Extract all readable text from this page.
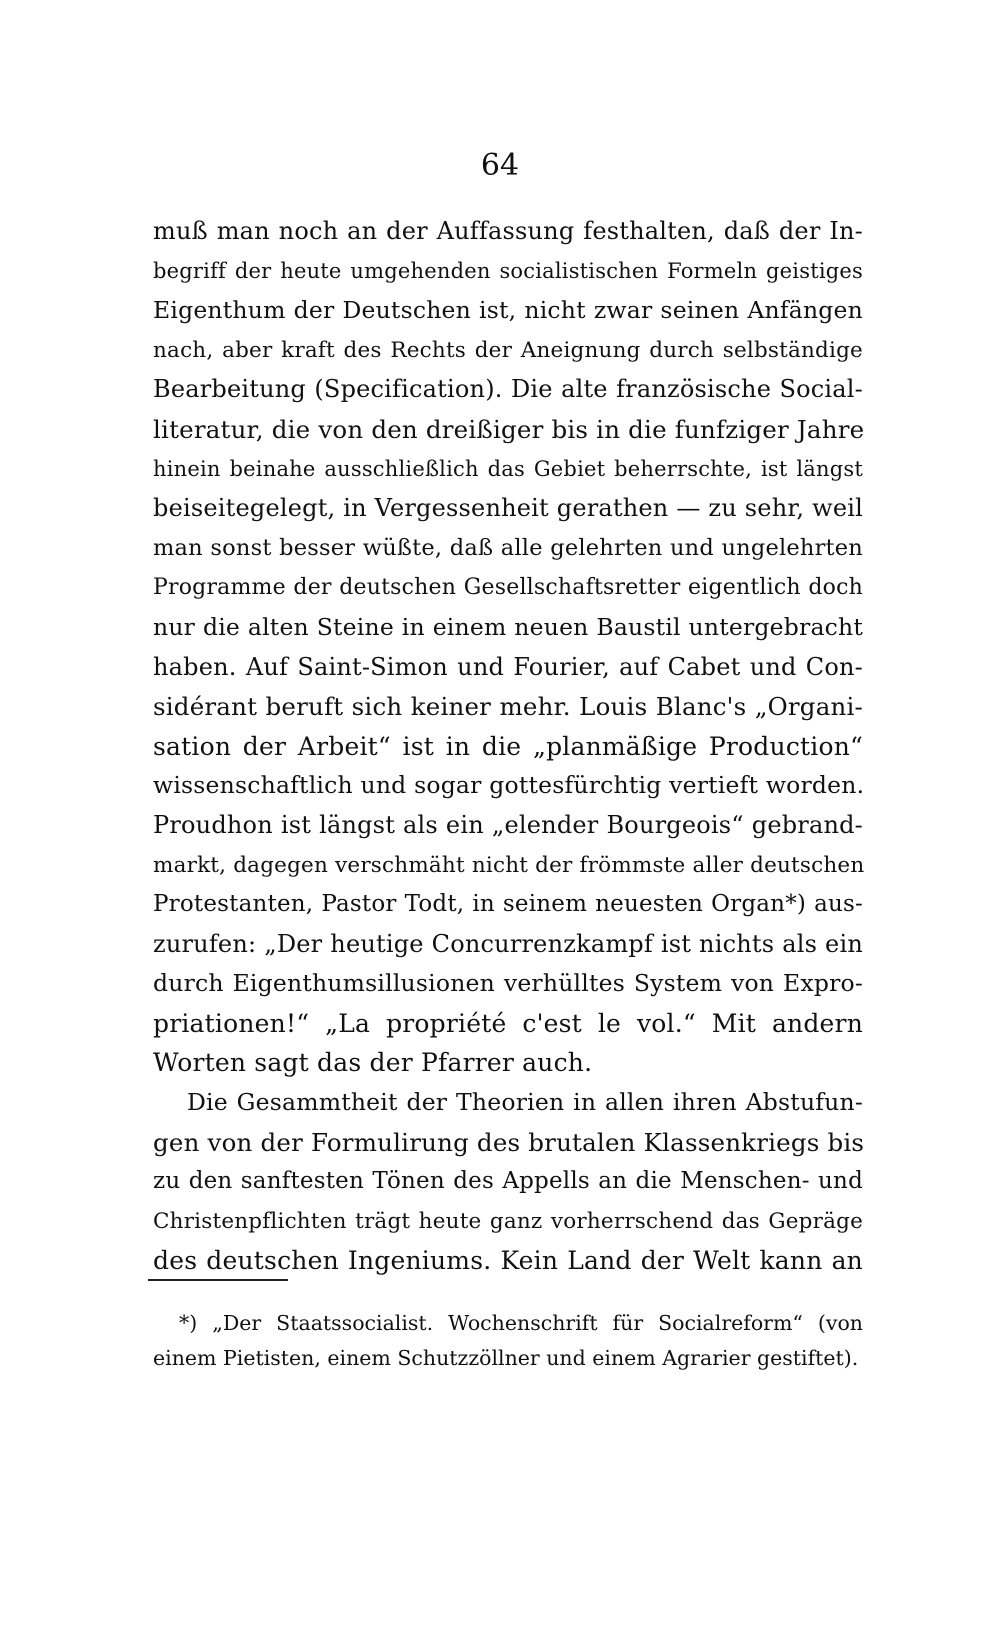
64
muß man noch an der Auffassung festhalten, daß der In-
begriff der heute umgehenden socialistischen Formeln geistiges
Eigenthum der Deutschen ist, nicht zwar seinen Anfängen
nach, aber kraft des Rechts der Aneignung durch selbständige
Bearbeitung (Specification). Die alte französische Social-
literatur, die von den dreißiger bis in die funfziger Jahre
hinein beinahe ausschließlich das Gebiet beherrschte, ist längst
beiseitegelegt, in Vergessenheit gerathen — zu sehr, weil
man sonst besser wüßte, daß alle gelehrten und ungelehrten
Programme der deutschen Gesellschaftsretter eigentlich doch
nur die alten Steine in einem neuen Baustil untergebracht
haben. Auf Saint-Simon und Fourier, auf Cabet und Con-
sidérant beruft sich keiner mehr. Louis Blanc's „Organi-
sation der Arbeit“ ist in die „planmäßige Production“
wissenschaftlich und sogar gottesfürchtig vertieft worden.
Proudhon ist längst als ein „elender Bourgeois“ gebrand-
markt, dagegen verschmäht nicht der frömmste aller deutschen
Protestanten, Pastor Todt, in seinem neuesten Organ*) aus-
zurufen: „Der heutige Concurrenzkampf ist nichts als ein
durch Eigenthumsillusionen verhülltes System von Expro-
priationen!“ „La propriété c'est le vol.“ Mit andern
Worten sagt das der Pfarrer auch.
Die Gesammtheit der Theorien in allen ihren Abstufun-
gen von der Formulirung des brutalen Klassenkriegs bis
zu den sanftesten Tönen des Appells an die Menschen- und
Christenpflichten trägt heute ganz vorherrschend das Gepräge
des deutschen Ingeniums. Kein Land der Welt kann an
*) „Der Staatssocialist. Wochenschrift für Socialreform“ (von
einem Pietisten, einem Schutzzöllner und einem Agrarier gestiftet).
